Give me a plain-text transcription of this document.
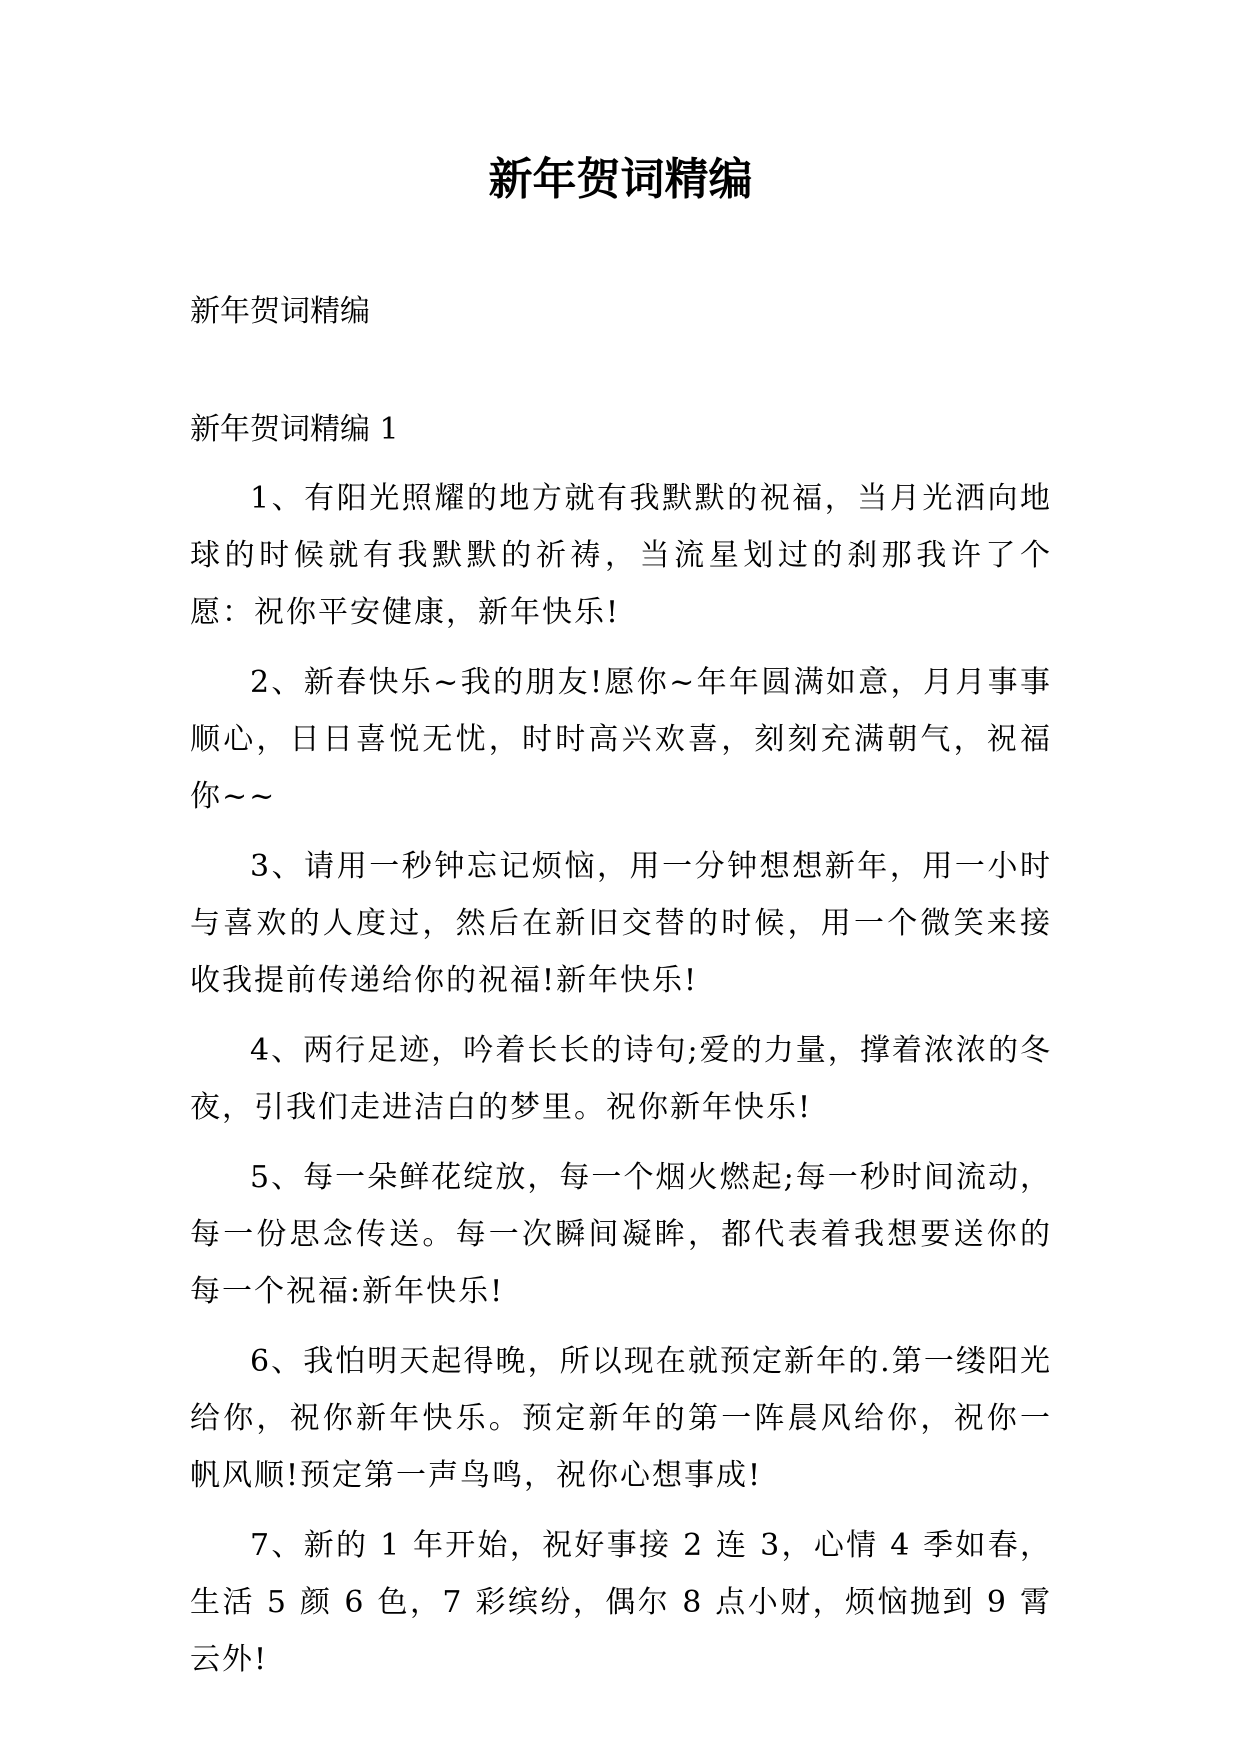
新年贺词精编

新年贺词精编

新年贺词精编 1

1、有阳光照耀的地方就有我默默的祝福，当月光洒向地球的时候就有我默默的祈祷，当流星划过的刹那我许了个愿：祝你平安健康，新年快乐!

2、新春快乐~我的朋友!愿你~年年圆满如意，月月事事顺心，日日喜悦无忧，时时高兴欢喜，刻刻充满朝气，祝福你~~

3、请用一秒钟忘记烦恼，用一分钟想想新年，用一小时与喜欢的人度过，然后在新旧交替的时候，用一个微笑来接收我提前传递给你的祝福!新年快乐!

4、两行足迹，吟着长长的诗句;爱的力量，撑着浓浓的冬夜，引我们走进洁白的梦里。祝你新年快乐!

5、每一朵鲜花绽放，每一个烟火燃起;每一秒时间流动，每一份思念传送。每一次瞬间凝眸，都代表着我想要送你的每一个祝福:新年快乐!

6、我怕明天起得晚，所以现在就预定新年的.第一缕阳光给你，祝你新年快乐。预定新年的第一阵晨风给你，祝你一帆风顺!预定第一声鸟鸣，祝你心想事成!

7、新的 1 年开始，祝好事接 2 连 3，心情 4 季如春，生活 5 颜 6 色，7 彩缤纷，偶尔 8 点小财，烦恼抛到 9 霄云外!
